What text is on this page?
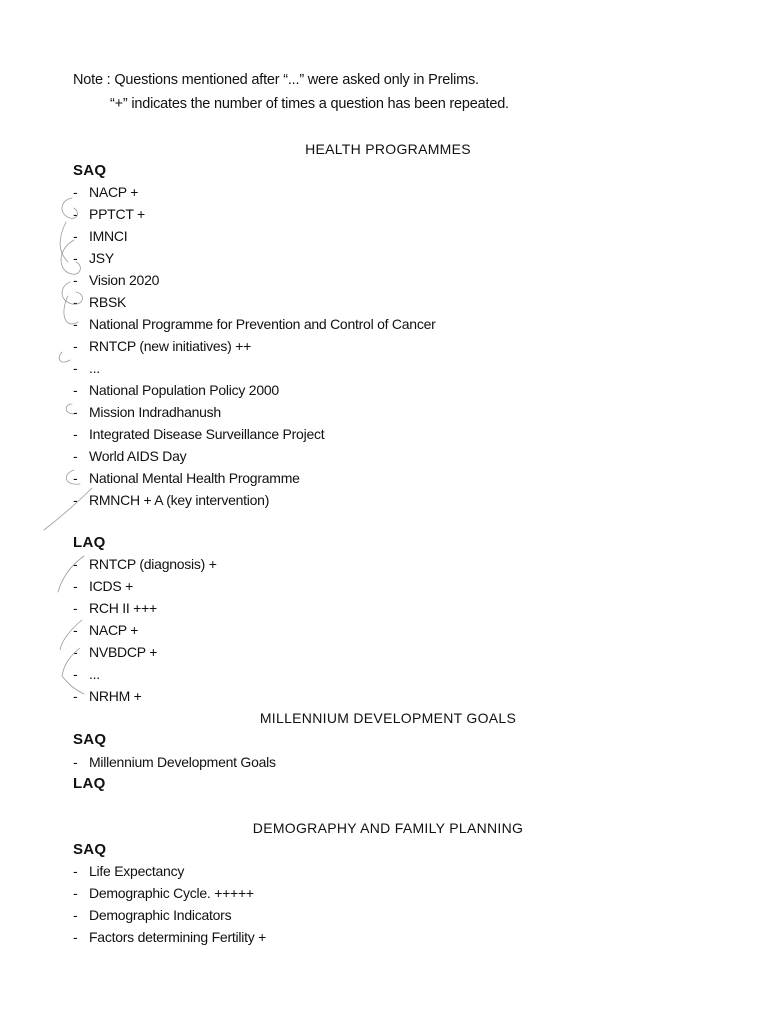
Note : Questions mentioned after “...” were asked only in Prelims.
“+” indicates the number of times a question has been repeated.
HEALTH PROGRAMMES
SAQ
- NACP +
- PPTCT +
- IMNCI
- JSY
- Vision 2020
- RBSK
- National Programme for Prevention and Control of Cancer
- RNTCP (new initiatives) ++
- ...
- National Population Policy 2000
- Mission Indradhanush
- Integrated Disease Surveillance Project
- World AIDS Day
- National Mental Health Programme
- RMNCH + A (key intervention)
LAQ
- RNTCP (diagnosis) +
- ICDS +
- RCH II +++
- NACP +
- NVBDCP +
- ...
- NRHM +
MILLENNIUM DEVELOPMENT GOALS
SAQ
- Millennium Development Goals
LAQ
DEMOGRAPHY AND FAMILY PLANNING
SAQ
- Life Expectancy
- Demographic Cycle. +++++
- Demographic Indicators
- Factors determining Fertility +
